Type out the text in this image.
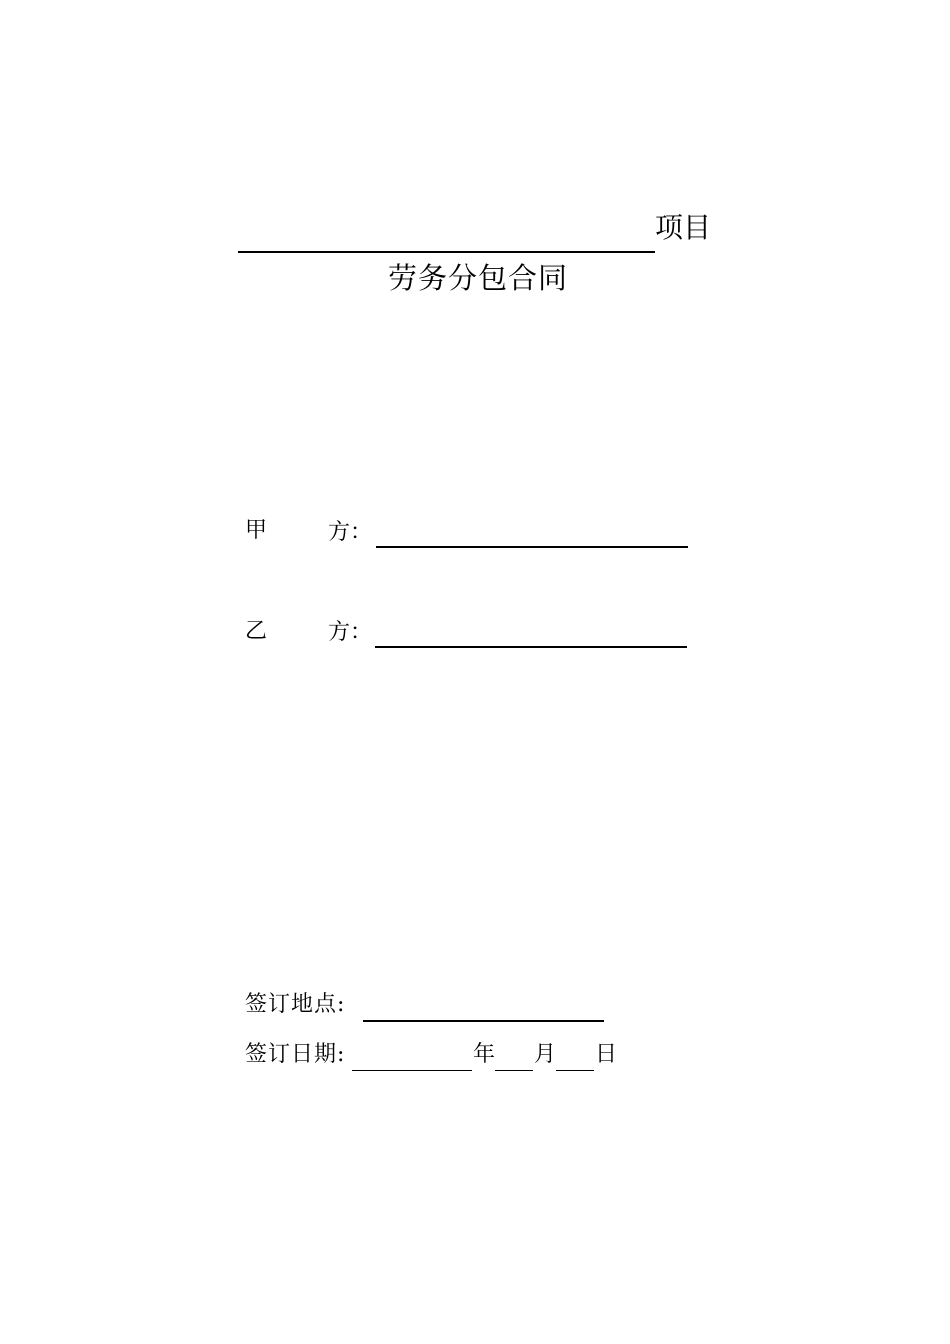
项目
劳务分包合同
甲	方 ：
乙	方 ：
签订地点:
签订日期:	年 月 日
